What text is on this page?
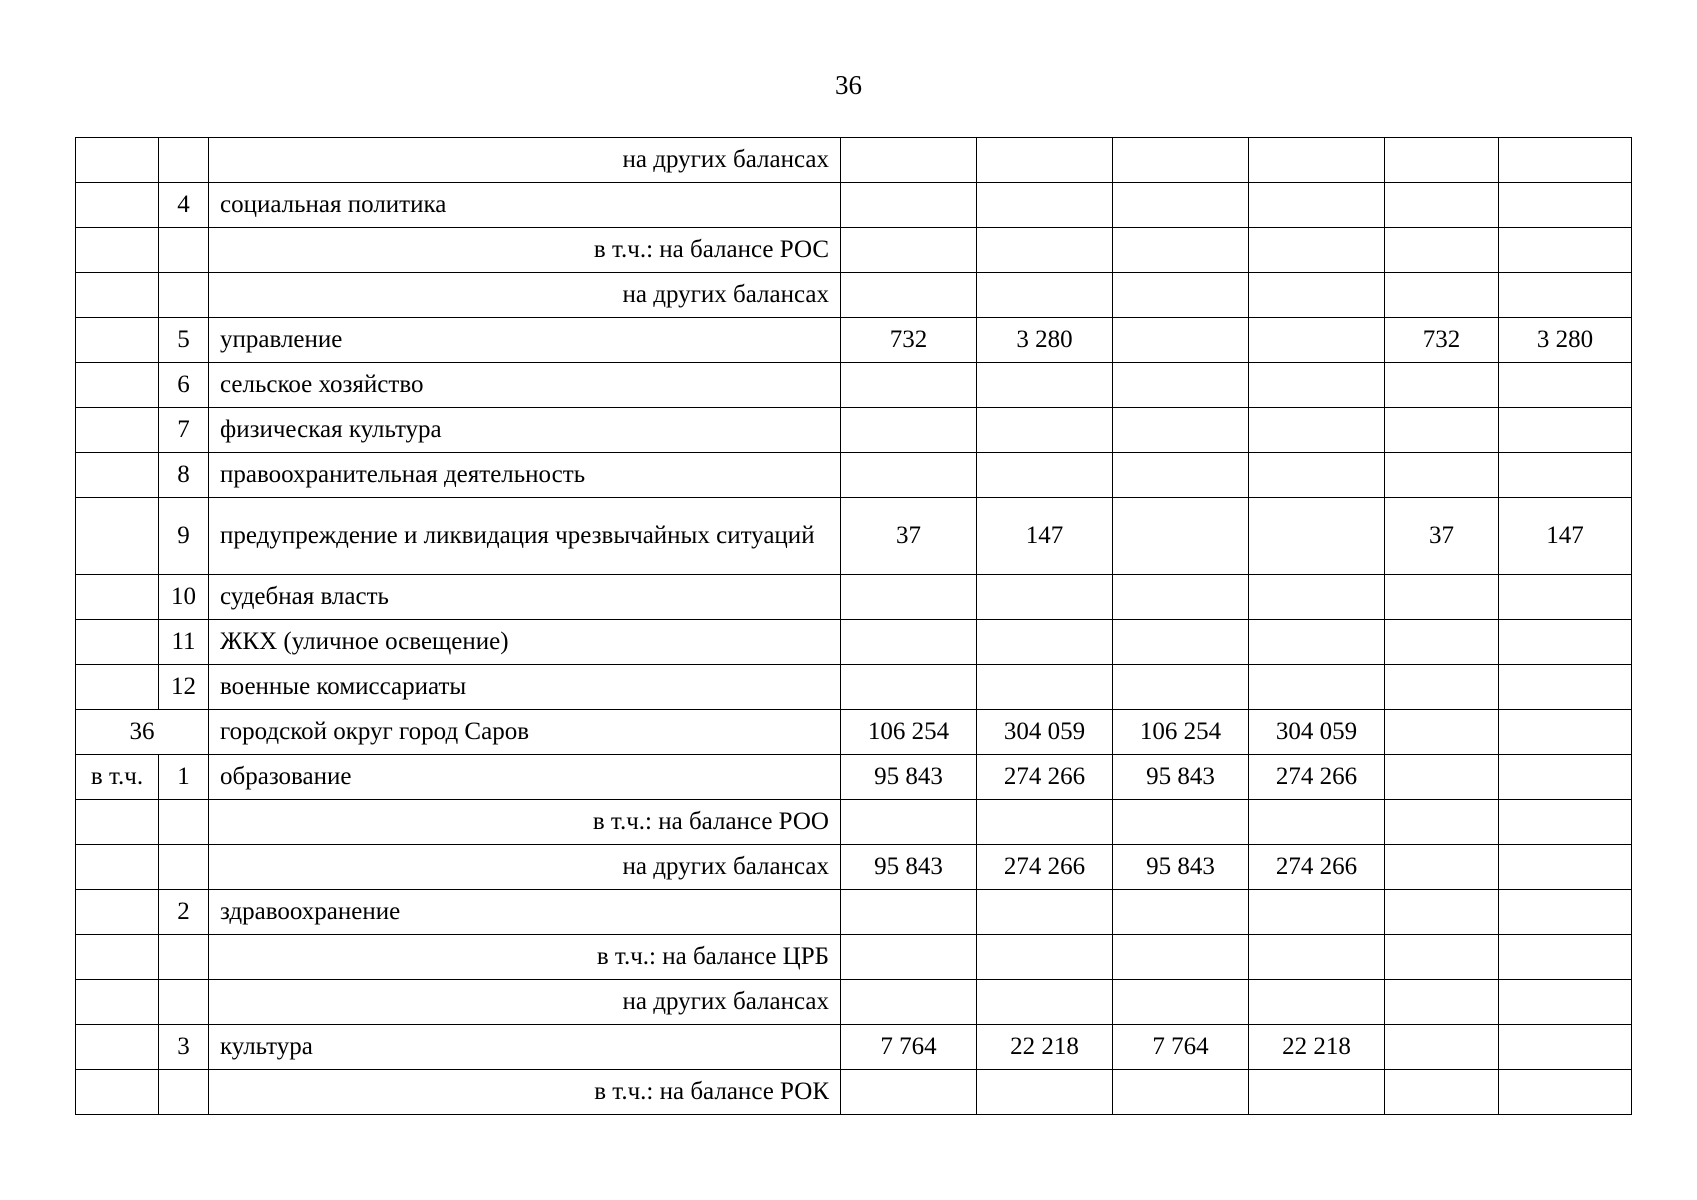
36
		на других балансах						
	4	социальная политика						
		в т.ч.: на балансе РОС						
		на других балансах						
	5	управление	732	3 280			732	3 280
	6	сельское хозяйство						
	7	физическая культура						
	8	правоохранительная деятельность						
	9	предупреждение и ликвидация чрезвычайных ситуаций	37	147			37	147
	10	судебная власть						
	11	ЖКХ (уличное освещение)						
	12	военные комиссариаты						
36		городской округ город Саров	106 254	304 059	106 254	304 059		
в т.ч.	1	образование	95 843	274 266	95 843	274 266		
		в т.ч.: на балансе РОО						
		на других балансах	95 843	274 266	95 843	274 266		
	2	здравоохранение						
		в т.ч.: на балансе ЦРБ						
		на других балансах						
	3	культура	7 764	22 218	7 764	22 218		
		в т.ч.: на балансе РОК						
